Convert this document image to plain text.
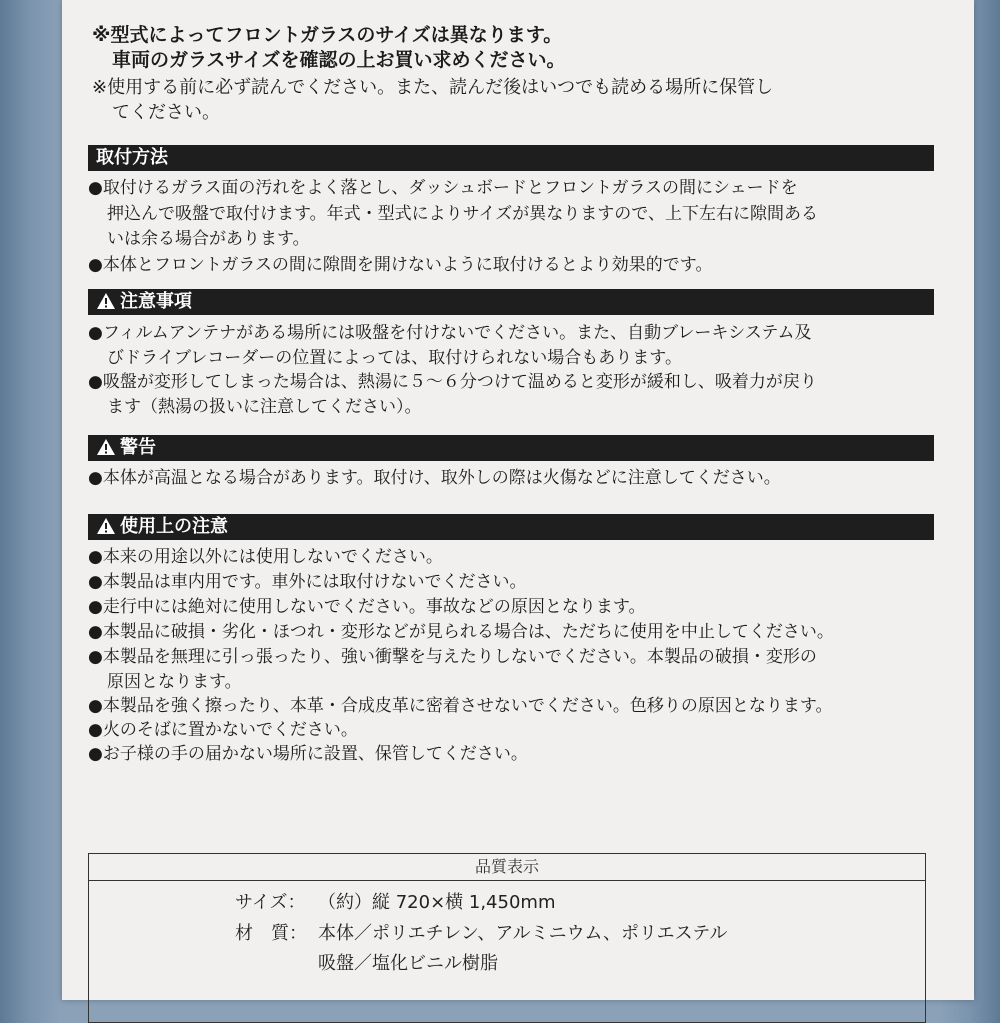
※型式によってフロントガラスのサイズは異なります。
車両のガラスサイズを確認の上お買い求めください。
※使用する前に必ず読んでください。また、読んだ後はいつでも読める場所に保管し
てください。
取付方法
●取付けるガラス面の汚れをよく落とし、ダッシュボードとフロントガラスの間にシェードを
押込んで吸盤で取付けます。年式・型式によりサイズが異なりますので、上下左右に隙間ある
いは余る場合があります。
●本体とフロントガラスの間に隙間を開けないように取付けるとより効果的です。
注意事項
●フィルムアンテナがある場所には吸盤を付けないでください。また、自動ブレーキシステム及
びドライブレコーダーの位置によっては、取付けられない場合もあります。
●吸盤が変形してしまった場合は、熱湯に５～６分つけて温めると変形が緩和し、吸着力が戻り
ます（熱湯の扱いに注意してください）。
警告
●本体が高温となる場合があります。取付け、取外しの際は火傷などに注意してください。
使用上の注意
●本来の用途以外には使用しないでください。
●本製品は車内用です。車外には取付けないでください。
●走行中には絶対に使用しないでください。事故などの原因となります。
●本製品に破損・劣化・ほつれ・変形などが見られる場合は、ただちに使用を中止してください。
●本製品を無理に引っ張ったり、強い衝撃を与えたりしないでください。本製品の破損・変形の
原因となります。
●本製品を強く擦ったり、本革・合成皮革に密着させないでください。色移りの原因となります。
●火のそばに置かないでください。
●お子様の手の届かない場所に設置、保管してください。
品質表示
サイズ： （約）縦 720×横 1,450mm
材　質： 本体／ポリエチレン、アルミニウム、ポリエステル
吸盤／塩化ビニル樹脂
